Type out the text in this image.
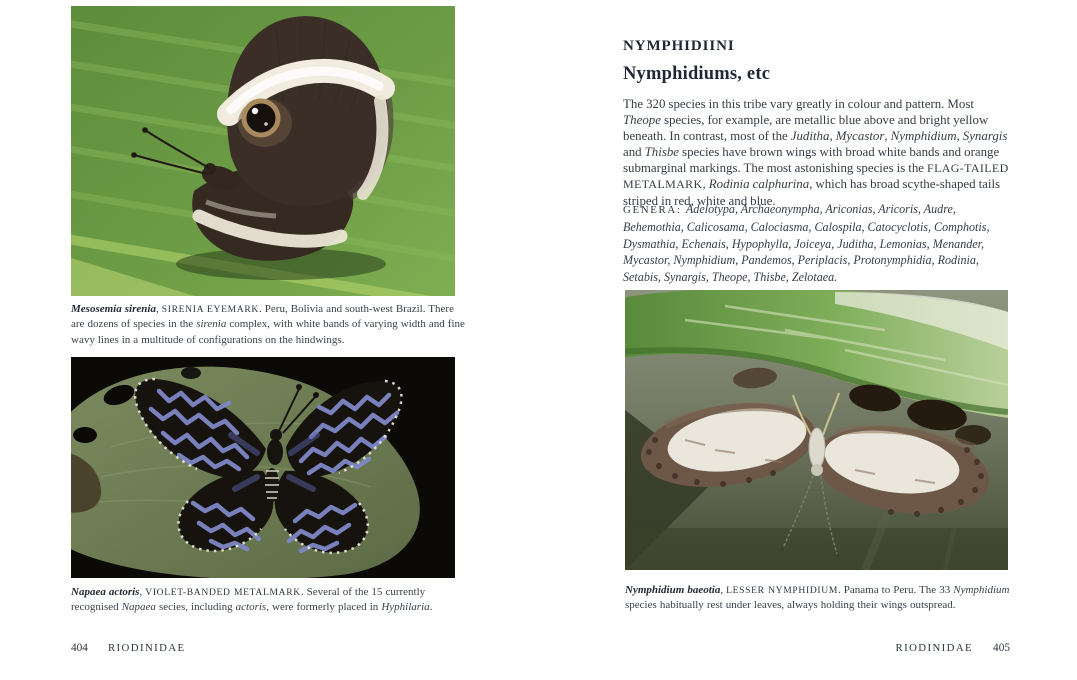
Mesosemia sirenia, SIRENIA EYEMARK. Peru, Bolivia and south-west Brazil. There are dozens of species in the sirenia complex, with white bands of varying width and fine wavy lines in a multitude of configurations on the hindwings.

Napaea actoris, VIOLET-BANDED METALMARK. Several of the 15 currently recognised Napaea secies, including actoris, were formerly placed in Hyphilaria.

404 RIODINIDAE
NYMPHIDIINI
Nymphidiums, etc

The 320 species in this tribe vary greatly in colour and pattern. Most Theope species, for example, are metallic blue above and bright yellow beneath. In contrast, most of the Juditha, Mycastor, Nymphidium, Synargis and Thisbe species have brown wings with broad white bands and orange submarginal markings. The most astonishing species is the FLAG-TAILED METALMARK, Rodinia calphurina, which has broad scythe-shaped tails striped in red, white and blue.

GENERA: Adelotypa, Archaeonympha, Ariconias, Aricoris, Audre, Behemothia, Calicosama, Calociasma, Calospila, Catocyclotis, Comphotis, Dysmathia, Echenais, Hypophylla, Joiceya, Juditha, Lemonias, Menander, Mycastor, Nymphidium, Pandemos, Periplacis, Protonymphidia, Rodinia, Setabis, Synargis, Theope, Thisbe, Zelotaea.

Nymphidium baeotia, LESSER NYMPHIDIUM. Panama to Peru. The 33 Nymphidium species habitually rest under leaves, always holding their wings outspread.

RIODINIDAE 405
